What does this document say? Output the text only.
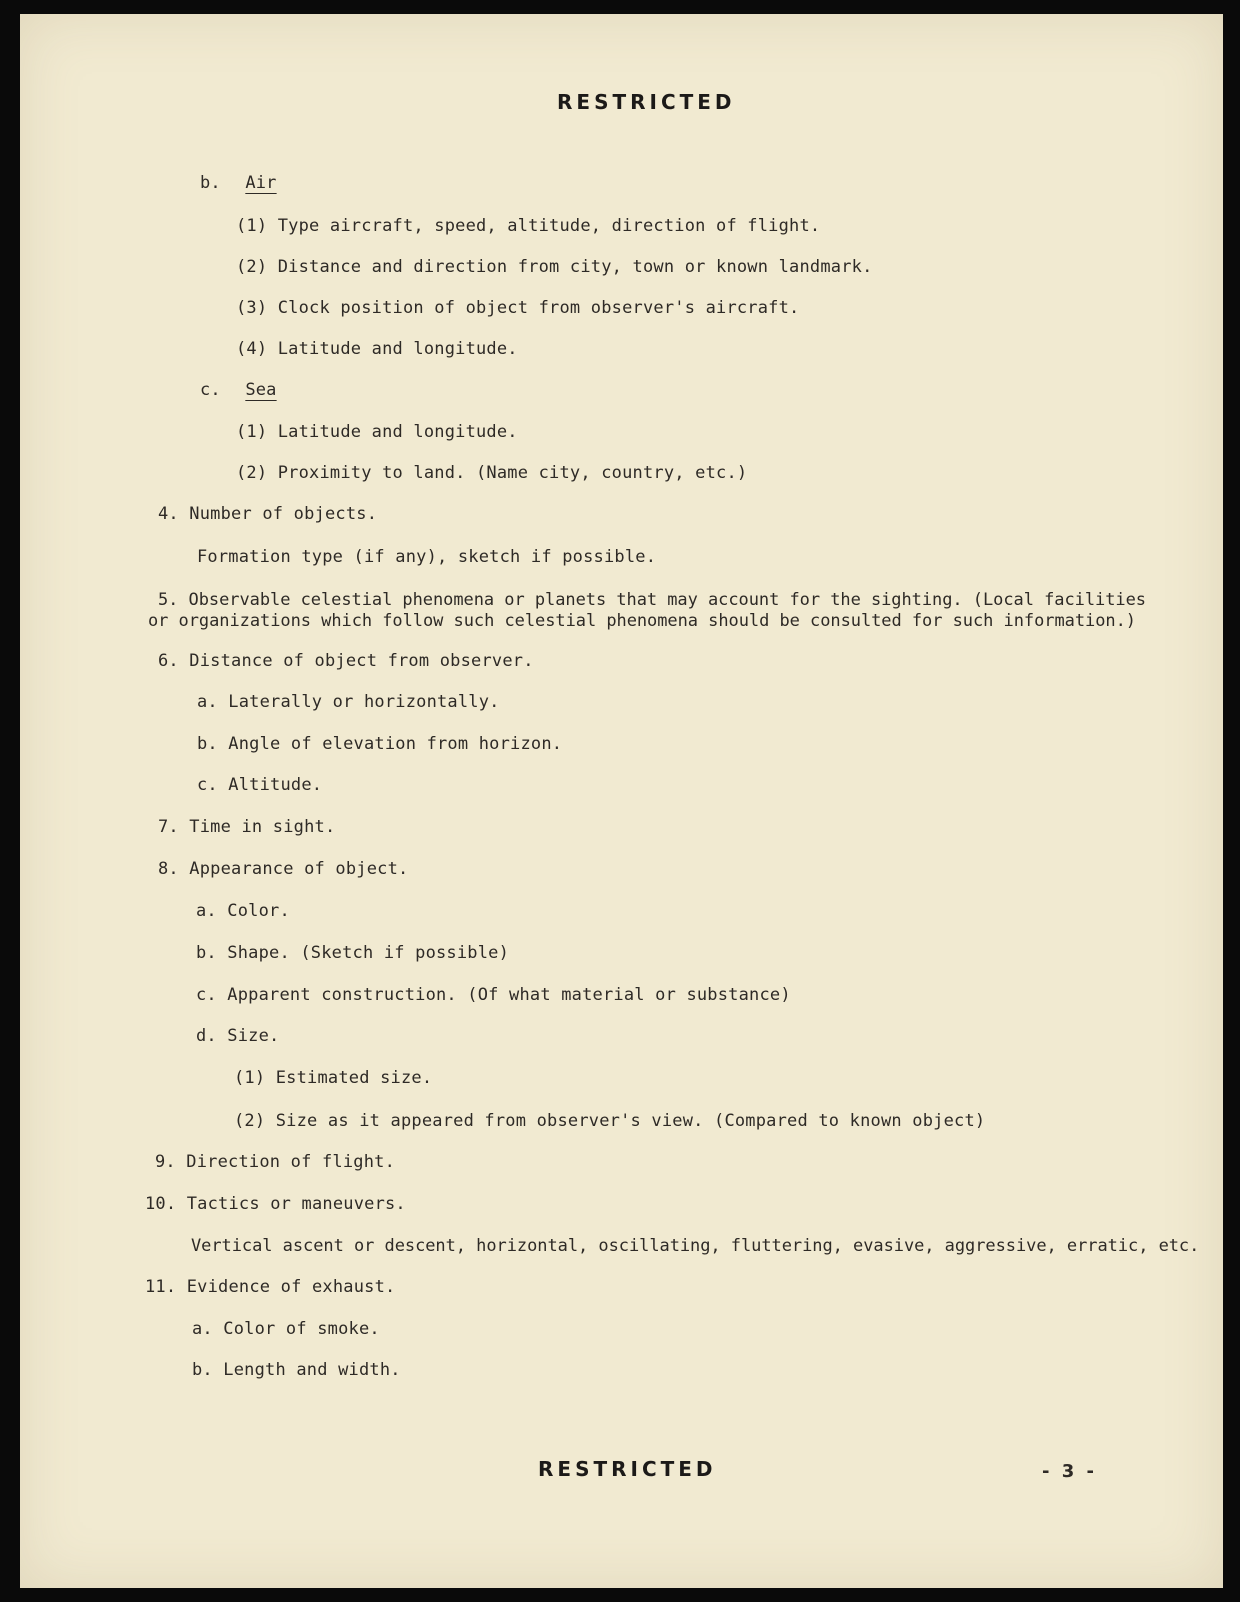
RESTRICTED
b. Air
(1) Type aircraft, speed, altitude, direction of flight.
(2) Distance and direction from city, town or known landmark.
(3) Clock position of object from observer's aircraft.
(4) Latitude and longitude.
c. Sea
(1) Latitude and longitude.
(2) Proximity to land. (Name city, country, etc.)
4. Number of objects.
Formation type (if any), sketch if possible.
5. Observable celestial phenomena or planets that may account for the sighting. (Local facilities
or organizations which follow such celestial phenomena should be consulted for such information.)
6. Distance of object from observer.
a. Laterally or horizontally.
b. Angle of elevation from horizon.
c. Altitude.
7. Time in sight.
8. Appearance of object.
a. Color.
b. Shape. (Sketch if possible)
c. Apparent construction. (Of what material or substance)
d. Size.
(1) Estimated size.
(2) Size as it appeared from observer's view. (Compared to known object)
9. Direction of flight.
10. Tactics or maneuvers.
Vertical ascent or descent, horizontal, oscillating, fluttering, evasive, aggressive, erratic, etc.
11. Evidence of exhaust.
a. Color of smoke.
b. Length and width.
RESTRICTED	- 3 -
